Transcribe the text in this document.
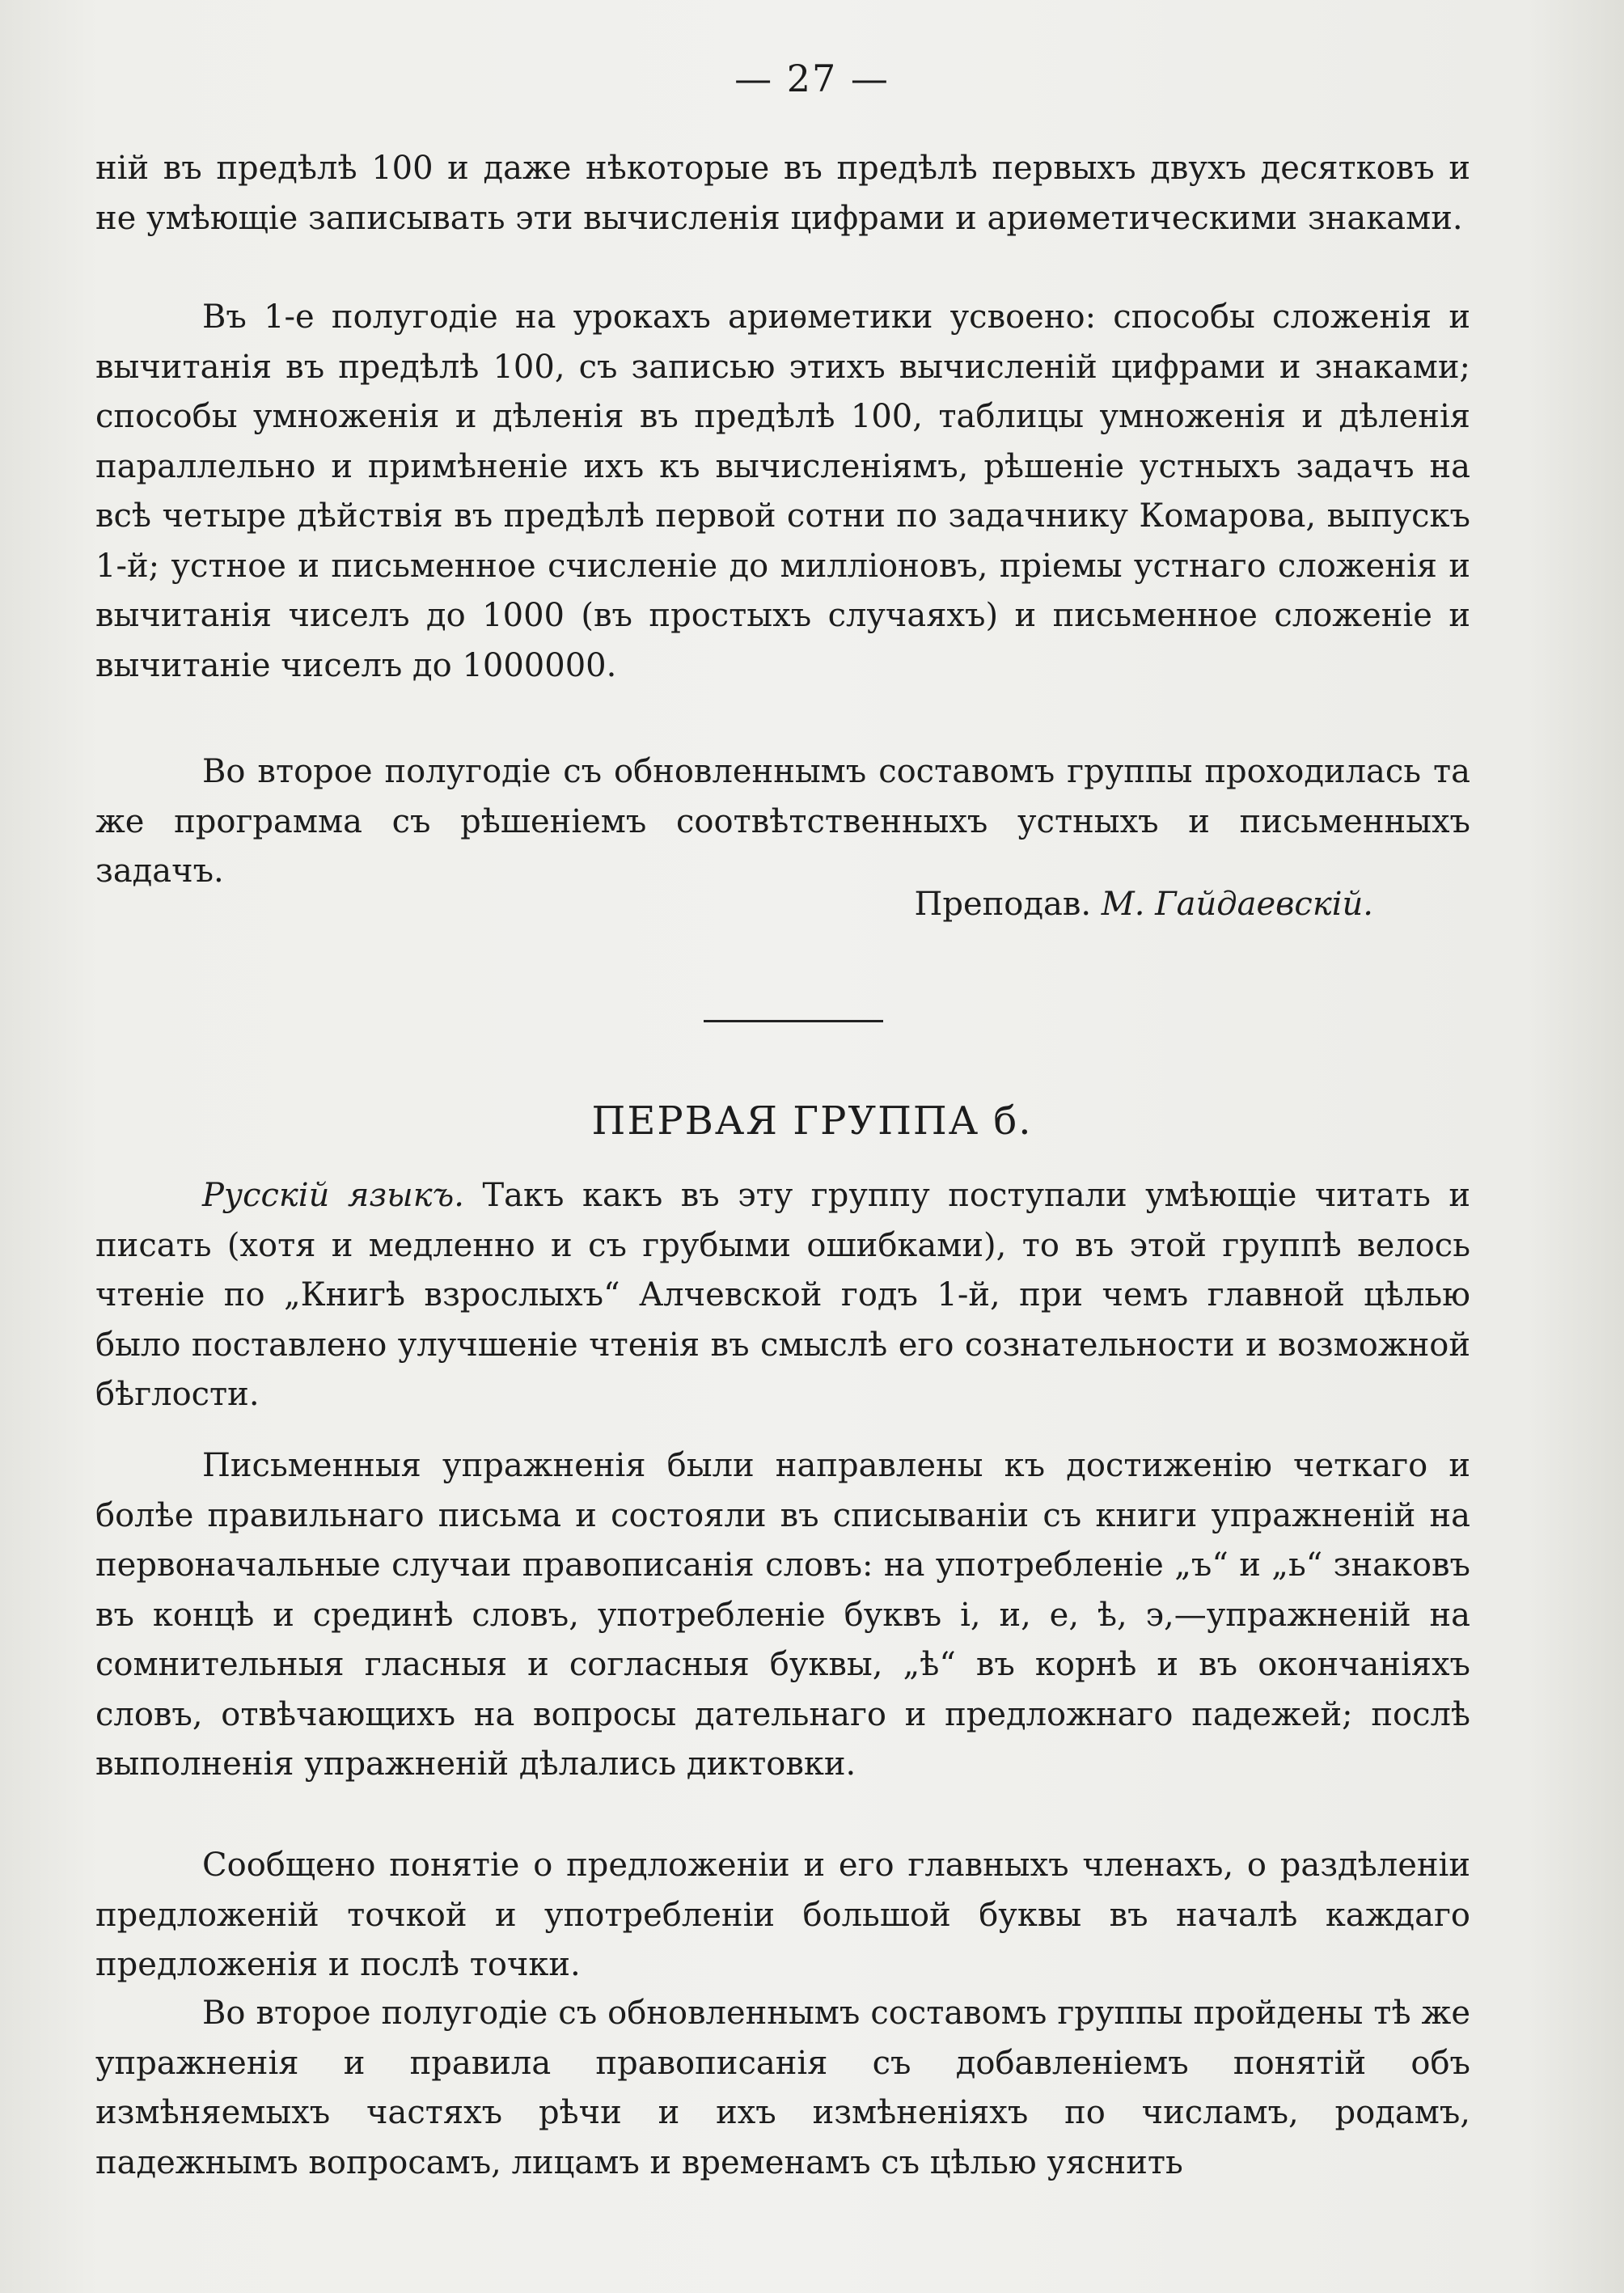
— 27 —

ній въ предѣлѣ 100 и даже нѣкоторые въ предѣлѣ первыхъ двухъ десятковъ и не умѣющіе записывать эти вычисленія цифрами и ариѳметическими знаками.

Въ 1-е полугодіе на урокахъ ариѳметики усвоено: способы сложенія и вычитанія въ предѣлѣ 100, съ записью этихъ вычисленій цифрами и знаками; способы умноженія и дѣленія въ предѣлѣ 100, таблицы умноженія и дѣленія параллельно и примѣненіе ихъ къ вычисленіямъ, рѣшеніе устныхъ задачъ на всѣ четыре дѣйствія въ предѣлѣ первой сотни по задачнику Комарова, выпускъ 1-й; устное и письменное счисленіе до милліоновъ, пріемы устнаго сложенія и вычитанія чиселъ до 1000 (въ простыхъ случаяхъ) и письменное сложеніе и вычитаніе чиселъ до 1000000.

Во второе полугодіе съ обновленнымъ составомъ группы проходилась та же программа съ рѣшеніемъ соотвѣтственныхъ устныхъ и письменныхъ задачъ.

Преподав. М. Гайдаевскій.
ПЕРВАЯ ГРУППА б.

Русскій языкъ. Такъ какъ въ эту группу поступали умѣющіе читать и писать (хотя и медленно и съ грубыми ошибками), то въ этой группѣ велось чтеніе по „Книгѣ взрослыхъ“ Алчевской годъ 1-й, при чемъ главной цѣлью было поставлено улучшеніе чтенія въ смыслѣ его сознательности и возможной бѣглости.

Письменныя упражненія были направлены къ достиженію четкаго и болѣе правильнаго письма и состояли въ списываніи съ книги упражненій на первоначальные случаи правописанія словъ: на употребленіе „ъ“ и „ь“ знаковъ въ концѣ и срединѣ словъ, употребленіе буквъ і, и, е, ѣ, э,—упражненій на сомнительныя гласныя и согласныя буквы, „ѣ“ въ корнѣ и въ окончаніяхъ словъ, отвѣчающихъ на вопросы дательнаго и предложнаго падежей; послѣ выполненія упражненій дѣлались диктовки.

Сообщено понятіе о предложеніи и его главныхъ членахъ, о раздѣленіи предложеній точкой и употребленіи большой буквы въ началѣ каждаго предложенія и послѣ точки.

Во второе полугодіе съ обновленнымъ составомъ группы пройдены тѣ же упражненія и правила правописанія съ добавленіемъ понятій объ измѣняемыхъ частяхъ рѣчи и ихъ измѣненіяхъ по числамъ, родамъ, падежнымъ вопросамъ, лицамъ и временамъ съ цѣлью уяснить
